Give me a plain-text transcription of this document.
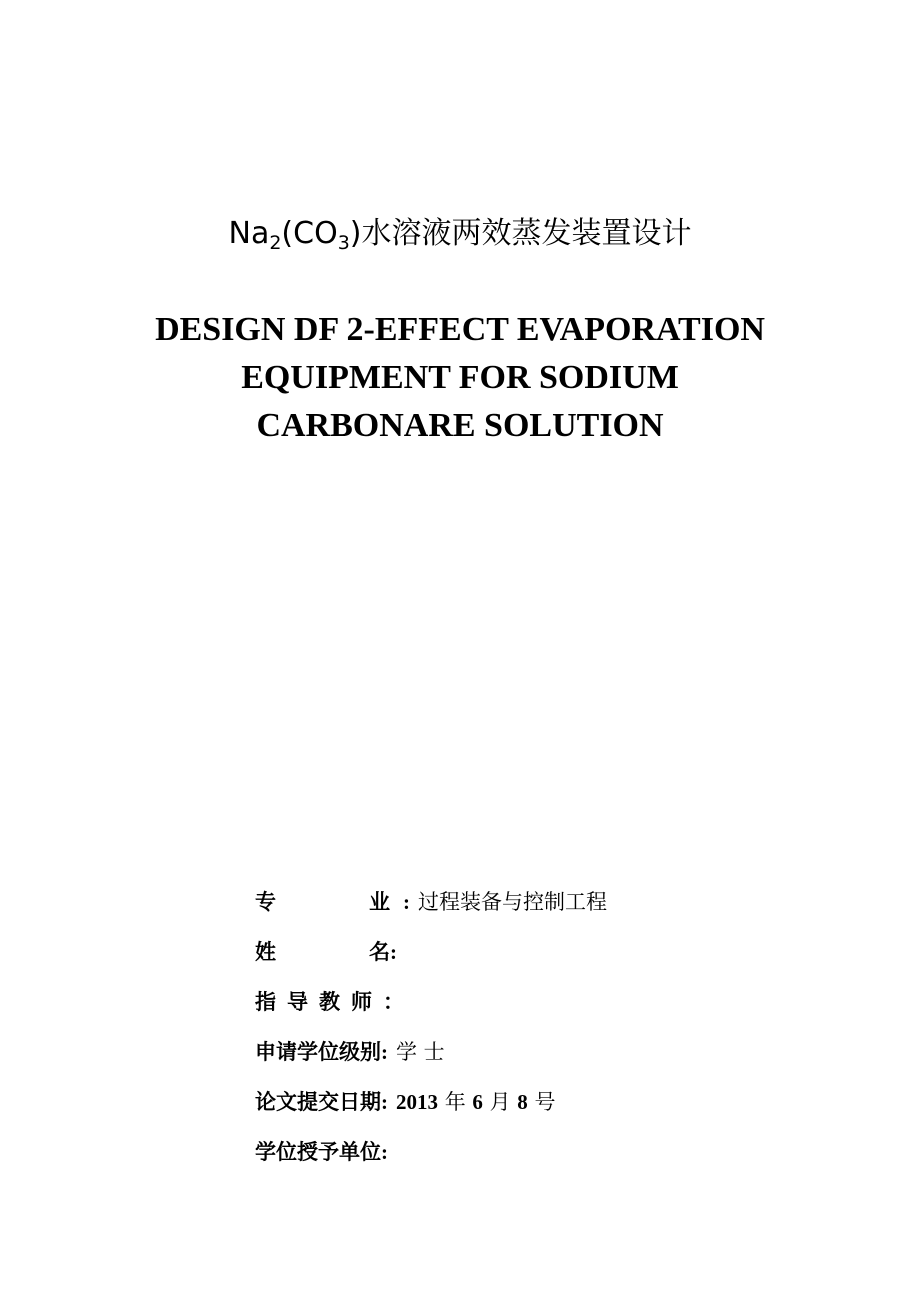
$Na_2(CO_3)$水溶液两效蒸发装置设计
DESIGN DF 2-EFFECT EVAPORATION
EQUIPMENT FOR SODIUM
CARBONARE SOLUTION
专	业 : 过程装备与控制工程
姓	名:
指导教师：
申请学位级别: 学 士
论文提交日期: 2013 年 6 月 8 号
学位授予单位:
